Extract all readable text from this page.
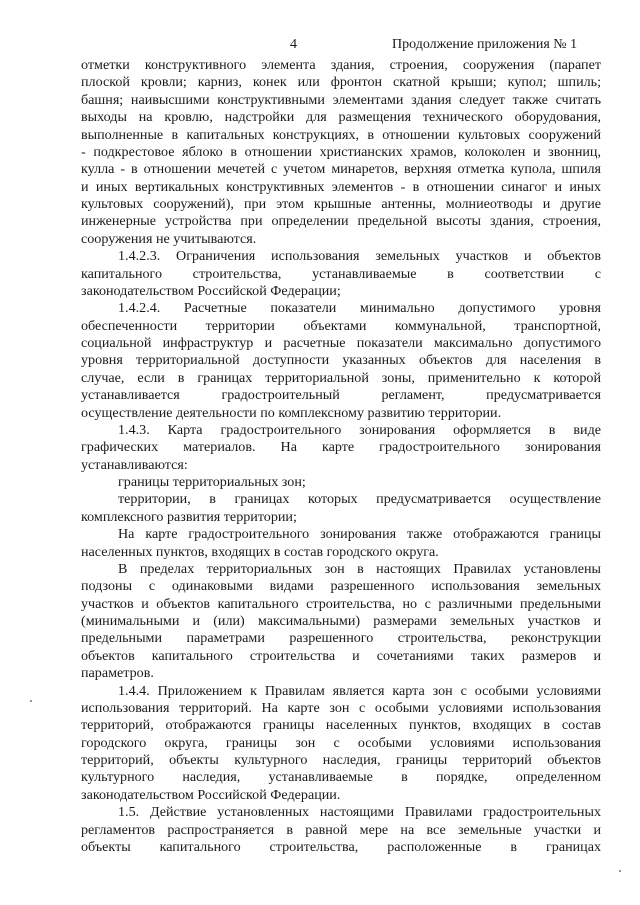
4	Продолжение приложения № 1
отметки конструктивного элемента здания, строения, сооружения (парапет
плоской кровли; карниз, конек или фронтон скатной крыши; купол; шпиль;
башня; наивысшими конструктивными элементами здания следует также считать
выходы на кровлю, надстройки для размещения технического оборудования,
выполненные в капитальных конструкциях, в отношении культовых сооружений
- подкрестовое яблоко в отношении христианских храмов, колоколен и звонниц,
кулла - в отношении мечетей с учетом минаретов, верхняя отметка купола, шпиля
и иных вертикальных конструктивных элементов - в отношении синагог и иных
культовых сооружений), при этом крышные антенны, молниеотводы и другие
инженерные устройства при определении предельной высоты здания, строения,
сооружения не учитываются.
1.4.2.3. Ограничения использования земельных участков и объектов
капитального строительства, устанавливаемые в соответствии с
законодательством Российской Федерации;
1.4.2.4. Расчетные показатели минимально допустимого уровня
обеспеченности территории объектами коммунальной, транспортной,
социальной инфраструктур и расчетные показатели максимально допустимого
уровня территориальной доступности указанных объектов для населения в
случае, если в границах территориальной зоны, применительно к которой
устанавливается градостроительный регламент, предусматривается
осуществление деятельности по комплексному развитию территории.
1.4.3. Карта градостроительного зонирования оформляется в виде
графических материалов. На карте градостроительного зонирования
устанавливаются:
границы территориальных зон;
территории, в границах которых предусматривается осуществление
комплексного развития территории;
На карте градостроительного зонирования также отображаются границы
населенных пунктов, входящих в состав городского округа.
В пределах территориальных зон в настоящих Правилах установлены
подзоны с одинаковыми видами разрешенного использования земельных
участков и объектов капитального строительства, но с различными предельными
(минимальными и (или) максимальными) размерами земельных участков и
предельными параметрами разрешенного строительства, реконструкции
объектов капитального строительства и сочетаниями таких размеров и
параметров.
1.4.4. Приложением к Правилам является карта зон с особыми условиями
использования территорий. На карте зон с особыми условиями использования
территорий, отображаются границы населенных пунктов, входящих в состав
городского округа, границы зон с особыми условиями использования
территорий, объекты культурного наследия, границы территорий объектов
культурного наследия, устанавливаемые в порядке, определенном
законодательством Российской Федерации.
1.5. Действие установленных настоящими Правилами градостроительных
регламентов распространяется в равной мере на все земельные участки и
объекты капитального строительства, расположенные в границах
